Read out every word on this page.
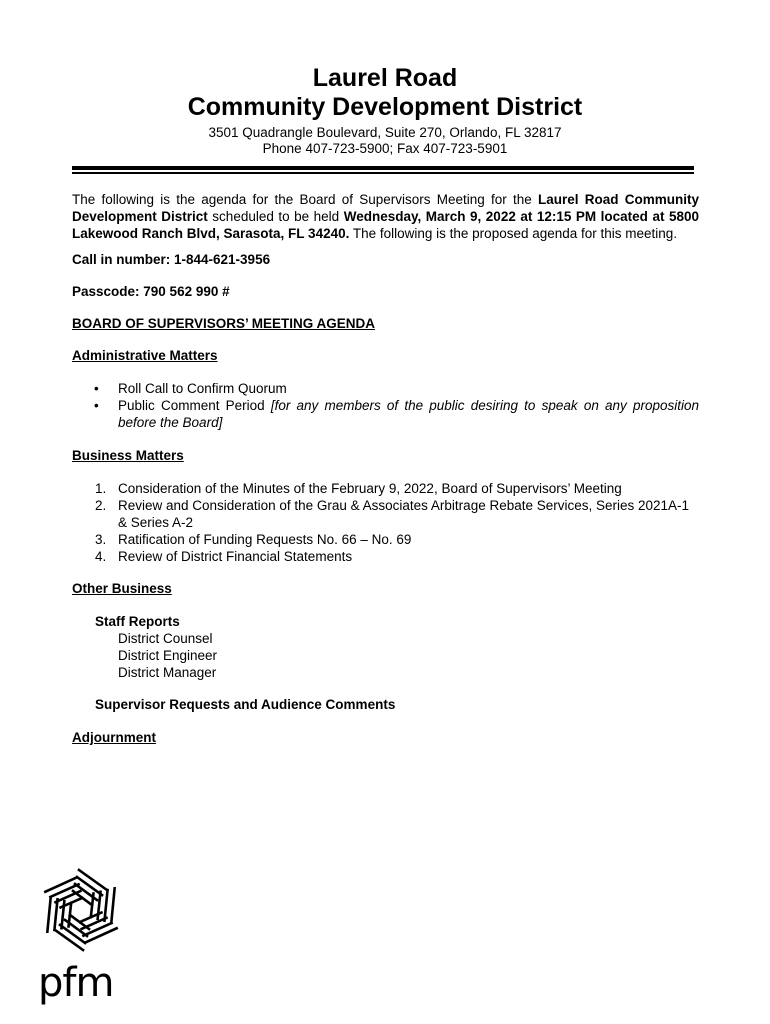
Laurel Road
Community Development District
3501 Quadrangle Boulevard, Suite 270, Orlando, FL 32817
Phone 407-723-5900; Fax 407-723-5901

The following is the agenda for the Board of Supervisors Meeting for the Laurel Road Community Development District scheduled to be held Wednesday, March 9, 2022 at 12:15 PM located at 5800 Lakewood Ranch Blvd, Sarasota, FL 34240. The following is the proposed agenda for this meeting.

Call in number: 1-844-621-3956

Passcode: 790 562 990 #

BOARD OF SUPERVISORS’ MEETING AGENDA

Administrative Matters

• Roll Call to Confirm Quorum
• Public Comment Period [for any members of the public desiring to speak on any proposition before the Board]

Business Matters

1. Consideration of the Minutes of the February 9, 2022, Board of Supervisors’ Meeting
2. Review and Consideration of the Grau & Associates Arbitrage Rebate Services, Series 2021A-1 & Series A-2
3. Ratification of Funding Requests No. 66 – No. 69
4. Review of District Financial Statements

Other Business

Staff Reports

District Counsel
District Engineer
District Manager

Supervisor Requests and Audience Comments

Adjournment

pfm
